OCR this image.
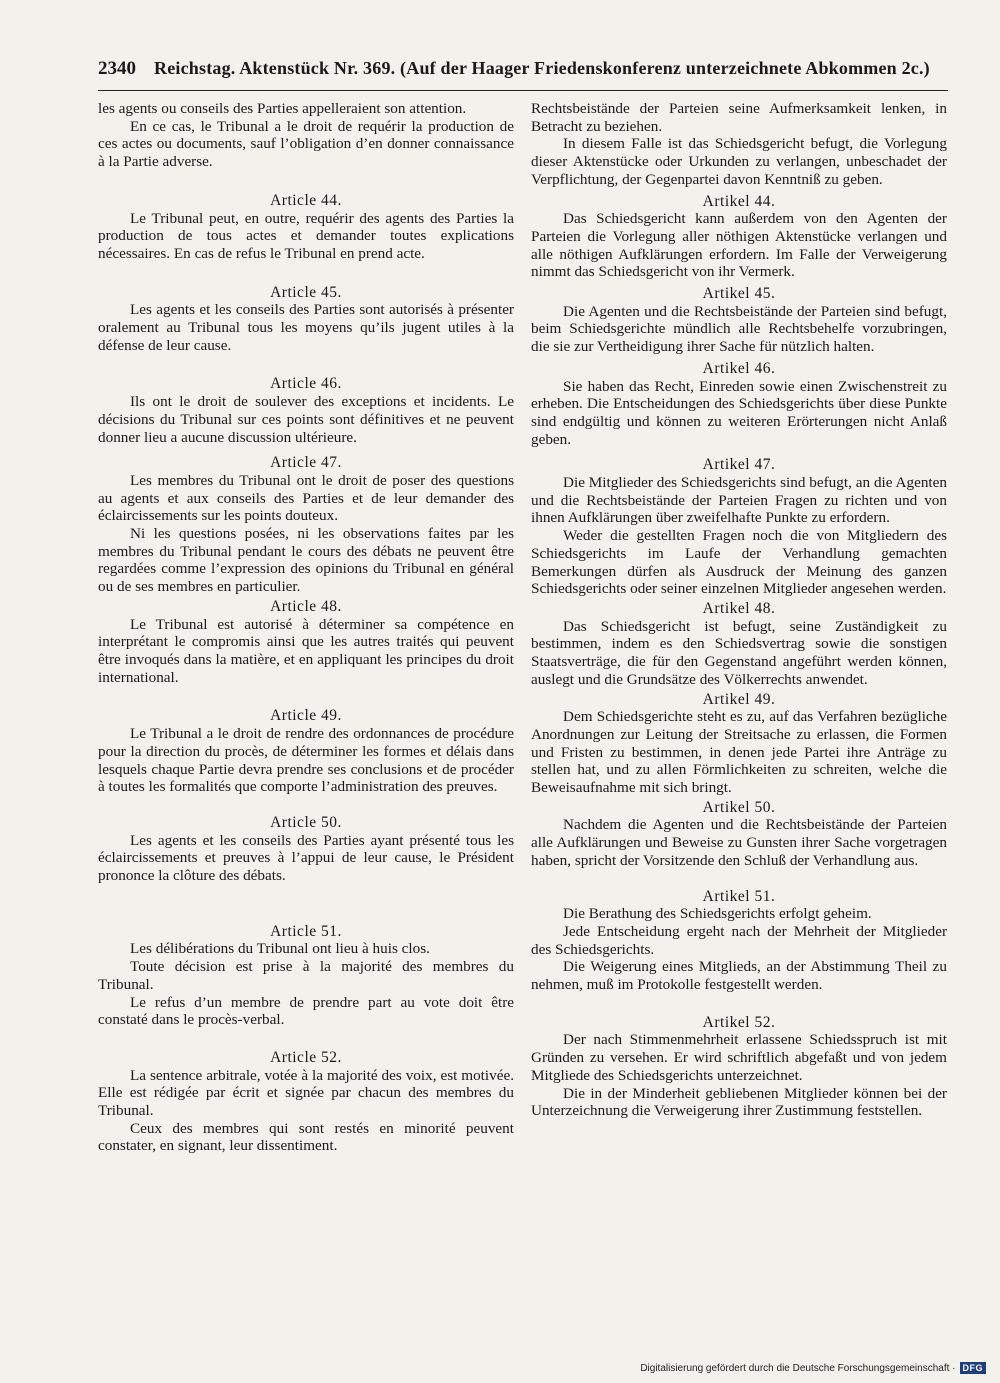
2340 Reichstag. Aktenstück Nr. 369. (Auf der Haager Friedenskonferenz unterzeichnete Abkommen 2c.)

les agents ou conseils des Parties appelleraient son attention.

En ce cas, le Tribunal a le droit de requérir la production de ces actes ou documents, sauf l’obligation d’en donner connaissance à la Partie adverse.

Article 44.

Le Tribunal peut, en outre, requérir des agents des Parties la production de tous actes et demander toutes explications nécessaires. En cas de refus le Tribunal en prend acte.

Article 45.

Les agents et les conseils des Parties sont autorisés à présenter oralement au Tribunal tous les moyens qu’ils jugent utiles à la défense de leur cause.

Article 46.

Ils ont le droit de soulever des exceptions et incidents. Le décisions du Tribunal sur ces points sont définitives et ne peuvent donner lieu a aucune discussion ultérieure.

Article 47.

Les membres du Tribunal ont le droit de poser des questions au agents et aux conseils des Parties et de leur demander des éclaircissements sur les points douteux.

Ni les questions posées, ni les observations faites par les membres du Tribunal pendant le cours des débats ne peuvent être regardées comme l’expression des opinions du Tribunal en général ou de ses membres en particulier.

Article 48.

Le Tribunal est autorisé à déterminer sa compétence en interprétant le compromis ainsi que les autres traités qui peuvent être invoqués dans la matière, et en appliquant les principes du droit international.

Article 49.

Le Tribunal a le droit de rendre des ordonnances de procédure pour la direction du procès, de déterminer les formes et délais dans lesquels chaque Partie devra prendre ses conclusions et de procéder à toutes les formalités que comporte l’administration des preuves.

Article 50.

Les agents et les conseils des Parties ayant présenté tous les éclaircissements et preuves à l’appui de leur cause, le Président prononce la clôture des débats.

Article 51.

Les délibérations du Tribunal ont lieu à huis clos.

Toute décision est prise à la majorité des membres du Tribunal.

Le refus d’un membre de prendre part au vote doit être constaté dans le procès-verbal.

Article 52.

La sentence arbitrale, votée à la majorité des voix, est motivée. Elle est rédigée par écrit et signée par chacun des membres du Tribunal.

Ceux des membres qui sont restés en minorité peuvent constater, en signant, leur dissentiment.

Rechtsbeistände der Parteien seine Aufmerksamkeit lenken, in Betracht zu beziehen.

In diesem Falle ist das Schiedsgericht befugt, die Vorlegung dieser Aktenstücke oder Urkunden zu verlangen, unbeschadet der Verpflichtung, der Gegenpartei davon Kenntniß zu geben.

Artikel 44.

Das Schiedsgericht kann außerdem von den Agenten der Parteien die Vorlegung aller nöthigen Aktenstücke verlangen und alle nöthigen Aufklärungen erfordern. Im Falle der Verweigerung nimmt das Schiedsgericht von ihr Vermerk.

Artikel 45.

Die Agenten und die Rechtsbeistände der Parteien sind befugt, beim Schiedsgerichte mündlich alle Rechtsbehelfe vorzubringen, die sie zur Vertheidigung ihrer Sache für nützlich halten.

Artikel 46.

Sie haben das Recht, Einreden sowie einen Zwischenstreit zu erheben. Die Entscheidungen des Schiedsgerichts über diese Punkte sind endgültig und können zu weiteren Erörterungen nicht Anlaß geben.

Artikel 47.

Die Mitglieder des Schiedsgerichts sind befugt, an die Agenten und die Rechtsbeistände der Parteien Fragen zu richten und von ihnen Aufklärungen über zweifelhafte Punkte zu erfordern.

Weder die gestellten Fragen noch die von Mitgliedern des Schiedsgerichts im Laufe der Verhandlung gemachten Bemerkungen dürfen als Ausdruck der Meinung des ganzen Schiedsgerichts oder seiner einzelnen Mitglieder angesehen werden.

Artikel 48.

Das Schiedsgericht ist befugt, seine Zuständigkeit zu bestimmen, indem es den Schiedsvertrag sowie die sonstigen Staatsverträge, die für den Gegenstand angeführt werden können, auslegt und die Grundsätze des Völkerrechts anwendet.

Artikel 49.

Dem Schiedsgerichte steht es zu, auf das Verfahren bezügliche Anordnungen zur Leitung der Streitsache zu erlassen, die Formen und Fristen zu bestimmen, in denen jede Partei ihre Anträge zu stellen hat, und zu allen Förmlichkeiten zu schreiten, welche die Beweisaufnahme mit sich bringt.

Artikel 50.

Nachdem die Agenten und die Rechtsbeistände der Parteien alle Aufklärungen und Beweise zu Gunsten ihrer Sache vorgetragen haben, spricht der Vorsitzende den Schluß der Verhandlung aus.

Artikel 51.

Die Berathung des Schiedsgerichts erfolgt geheim.

Jede Entscheidung ergeht nach der Mehrheit der Mitglieder des Schiedsgerichts.

Die Weigerung eines Mitglieds, an der Abstimmung Theil zu nehmen, muß im Protokolle festgestellt werden.

Artikel 52.

Der nach Stimmenmehrheit erlassene Schiedsspruch ist mit Gründen zu versehen. Er wird schriftlich abgefaßt und von jedem Mitgliede des Schiedsgerichts unterzeichnet.

Die in der Minderheit gebliebenen Mitglieder können bei der Unterzeichnung die Verweigerung ihrer Zustimmung feststellen.

Digitalisierung gefördert durch die Deutsche Forschungsgemeinschaft · DFG
